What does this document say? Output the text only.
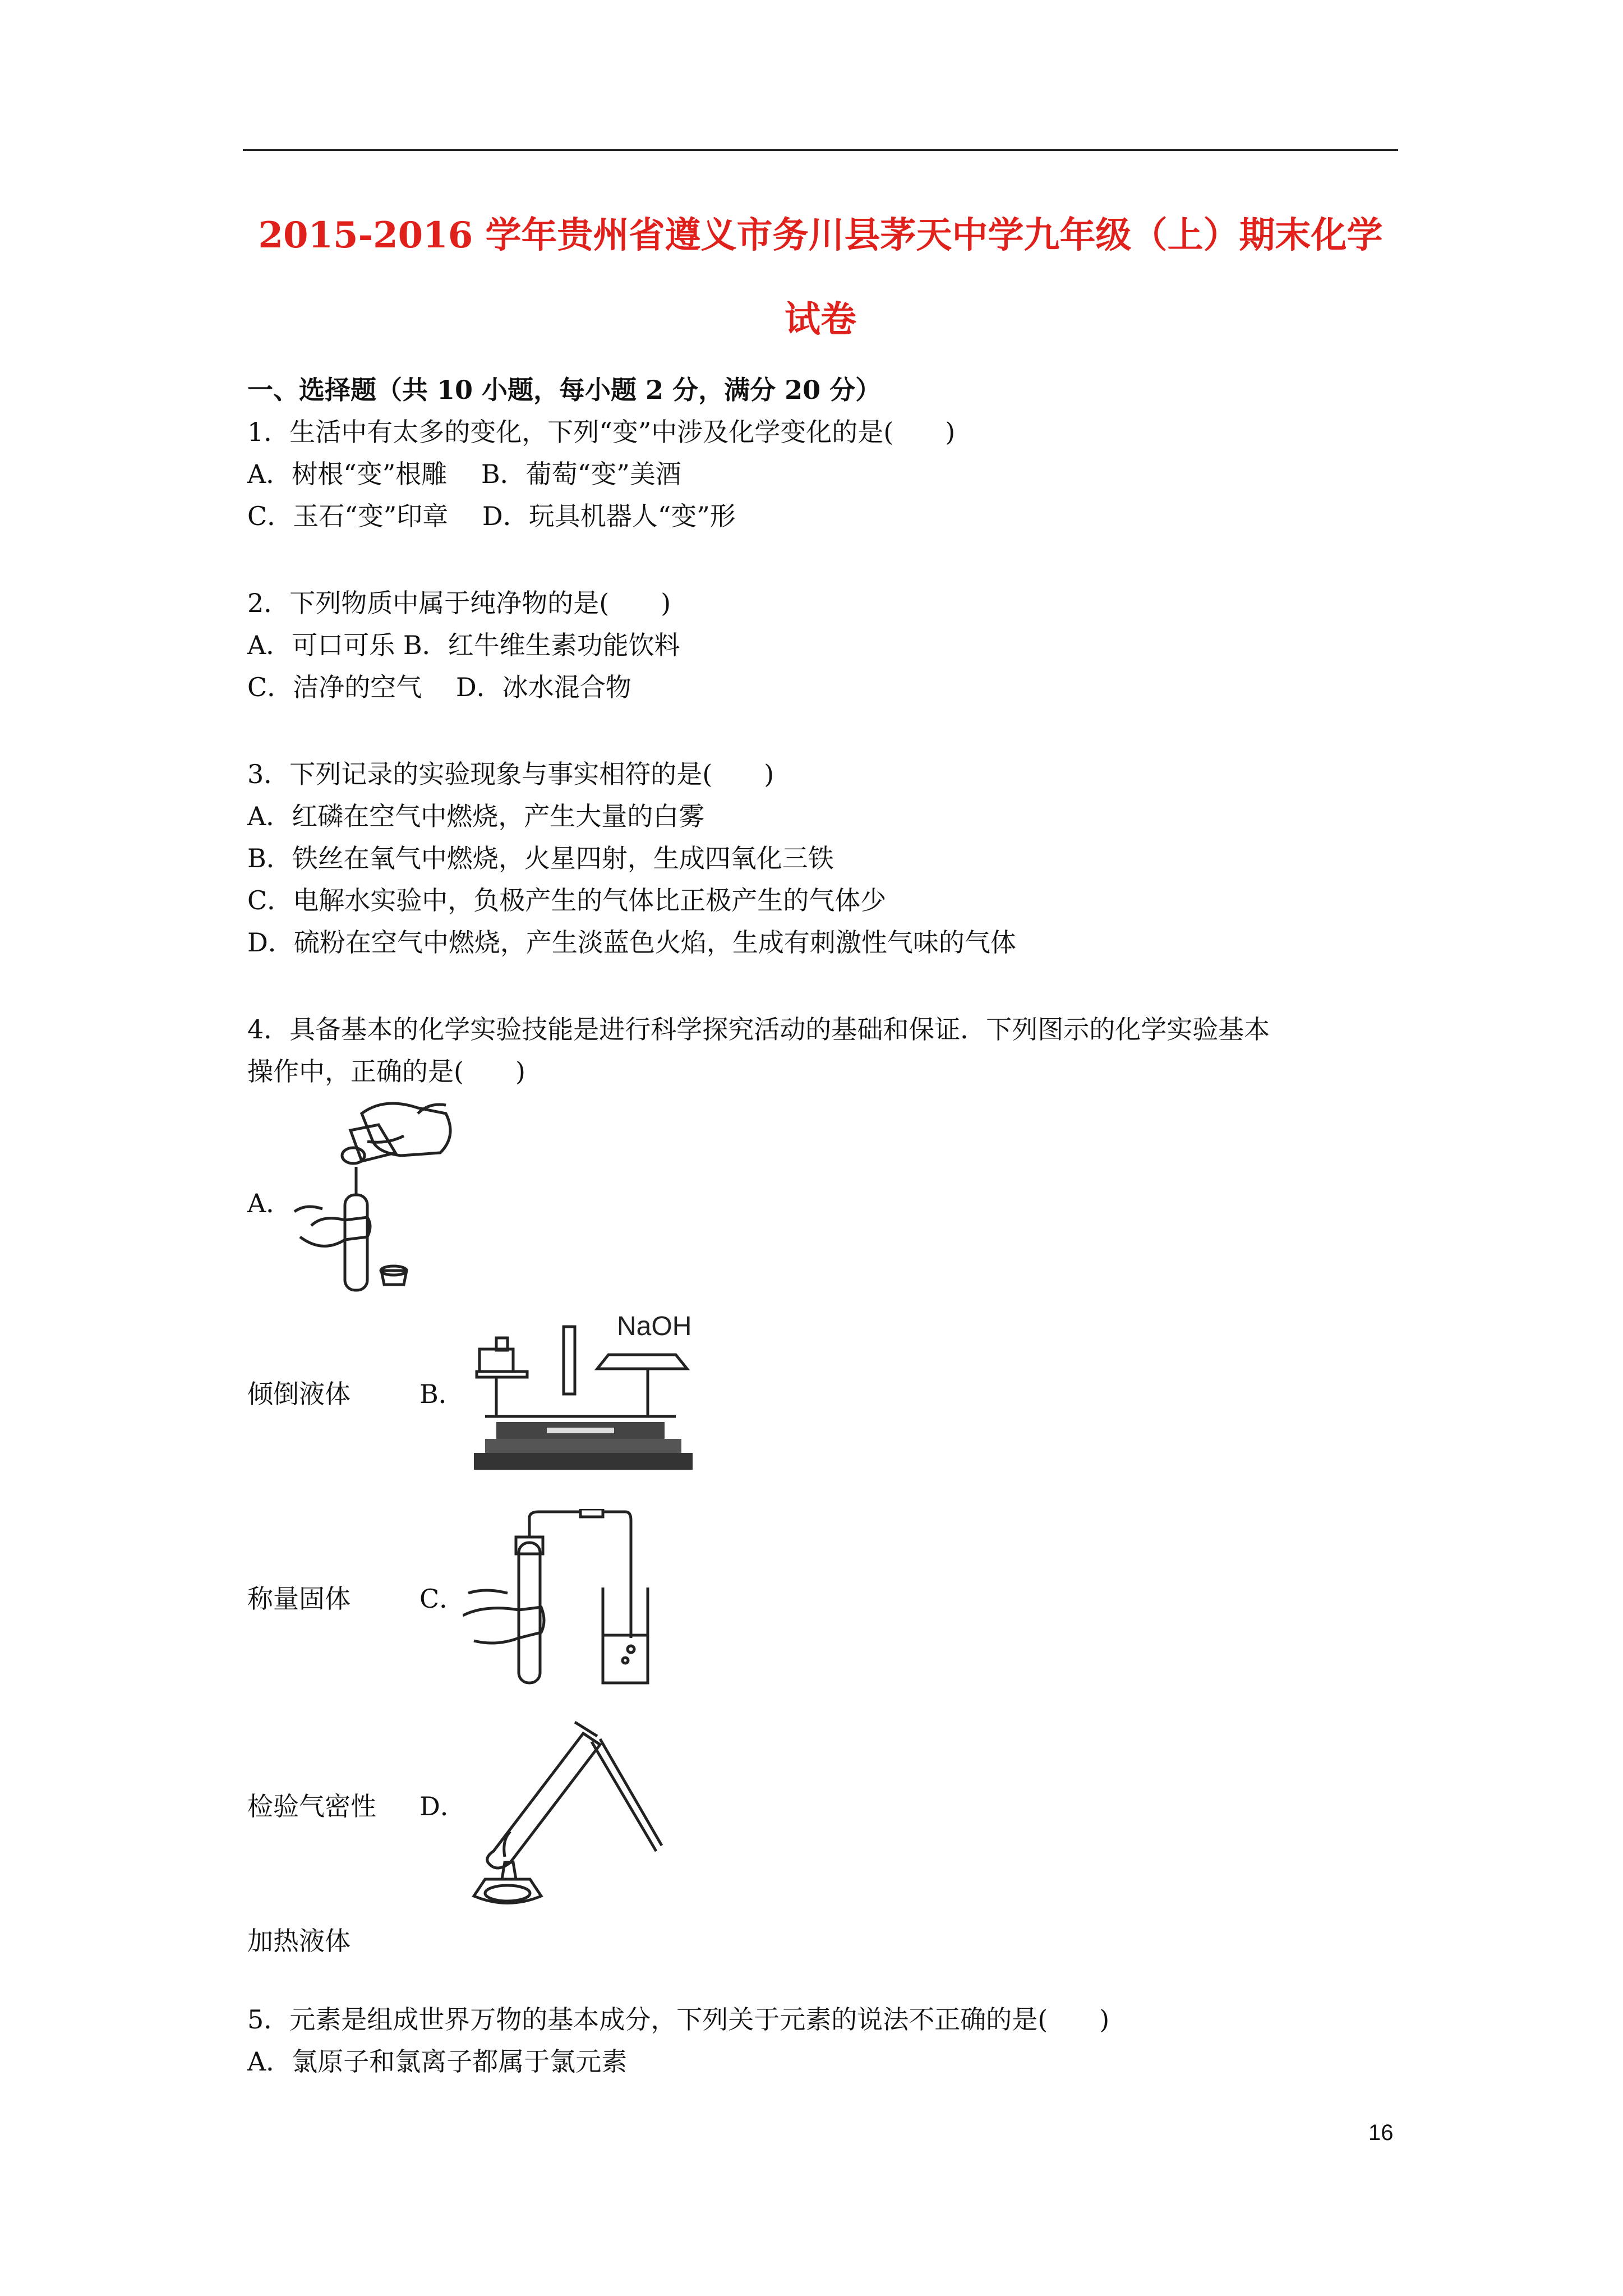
2015-2016 学年贵州省遵义市务川县茅天中学九年级（上）期末化学
试卷
一、选择题（共 10 小题，每小题 2 分，满分 20 分）
1．生活中有太多的变化，下列“变”中涉及化学变化的是(　　)
A．树根“变”根雕　 B．葡萄“变”美酒
C．玉石“变”印章　 D．玩具机器人“变”形
2．下列物质中属于纯净物的是(　　)
A．可口可乐 B．红牛维生素功能饮料
C．洁净的空气　 D．冰水混合物
3．下列记录的实验现象与事实相符的是(　　)
A．红磷在空气中燃烧，产生大量的白雾
B．铁丝在氧气中燃烧，火星四射，生成四氧化三铁
C．电解水实验中，负极产生的气体比正极产生的气体少
D．硫粉在空气中燃烧，产生淡蓝色火焰，生成有刺激性气味的气体
4．具备基本的化学实验技能是进行科学探究活动的基础和保证．下列图示的化学实验基本
操作中，正确的是(　　)
A．
倾倒液体	B．
NaOH
称量固体	C．
检验气密性 D．
加热液体
5．元素是组成世界万物的基本成分，下列关于元素的说法不正确的是(　　)
A．氯原子和氯离子都属于氯元素
16
